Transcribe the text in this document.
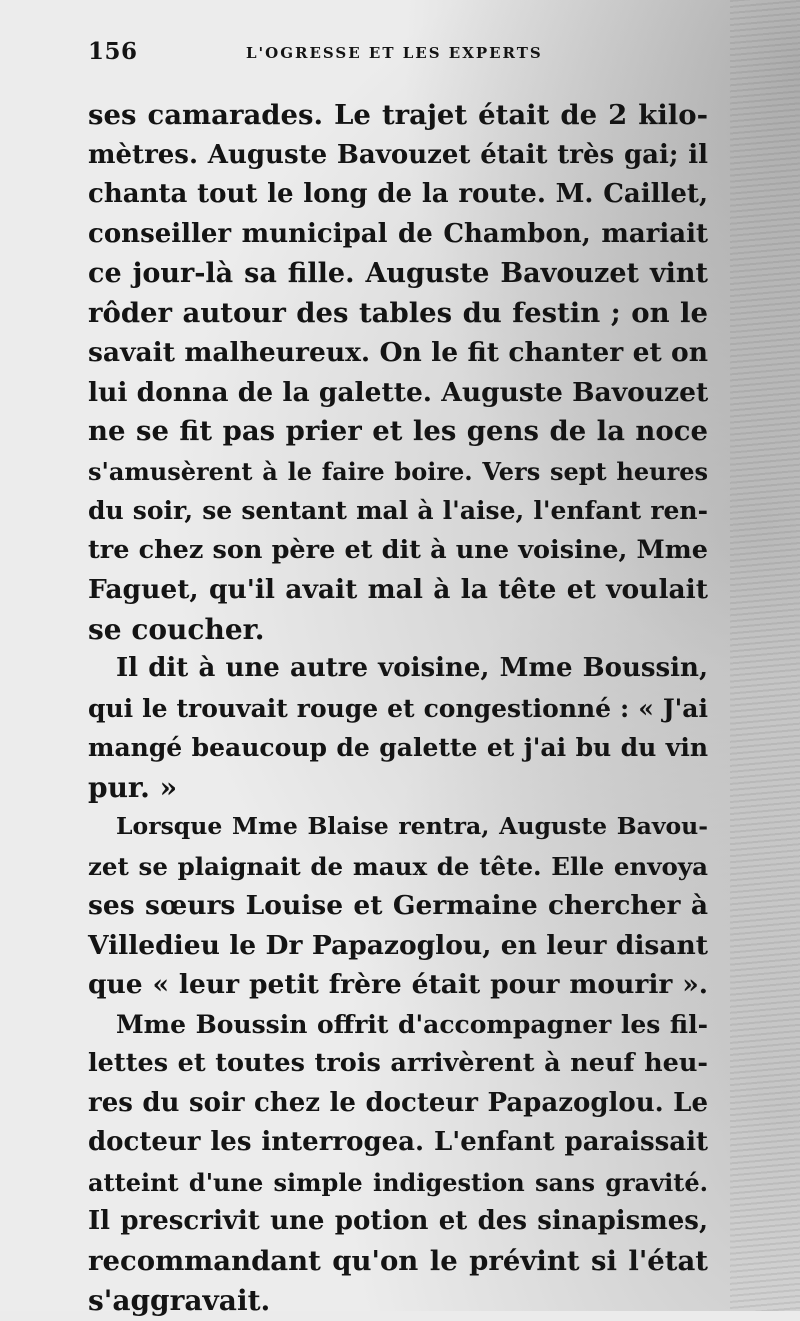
156	L'OGRESSE ET LES EXPERTS
ses camarades. Le trajet était de 2 kilo-
mètres. Auguste Bavouzet était très gai; il
chanta tout le long de la route. M. Caillet,
conseiller municipal de Chambon, mariait
ce jour-là sa fille. Auguste Bavouzet vint
rôder autour des tables du festin ; on le
savait malheureux. On le fit chanter et on
lui donna de la galette. Auguste Bavouzet
ne se fit pas prier et les gens de la noce
s'amusèrent à le faire boire. Vers sept heures
du soir, se sentant mal à l'aise, l'enfant ren-
tre chez son père et dit à une voisine, Mme
Faguet, qu'il avait mal à la tête et voulait
se coucher.
Il dit à une autre voisine, Mme Boussin,
qui le trouvait rouge et congestionné : « J'ai
mangé beaucoup de galette et j'ai bu du vin
pur. »
Lorsque Mme Blaise rentra, Auguste Bavou-
zet se plaignait de maux de tête. Elle envoya
ses sœurs Louise et Germaine chercher à
Villedieu le Dr Papazoglou, en leur disant
que « leur petit frère était pour mourir ».
Mme Boussin offrit d'accompagner les fil-
lettes et toutes trois arrivèrent à neuf heu-
res du soir chez le docteur Papazoglou. Le
docteur les interrogea. L'enfant paraissait
atteint d'une simple indigestion sans gravité.
Il prescrivit une potion et des sinapismes,
recommandant qu'on le prévint si l'état
s'aggravait.
